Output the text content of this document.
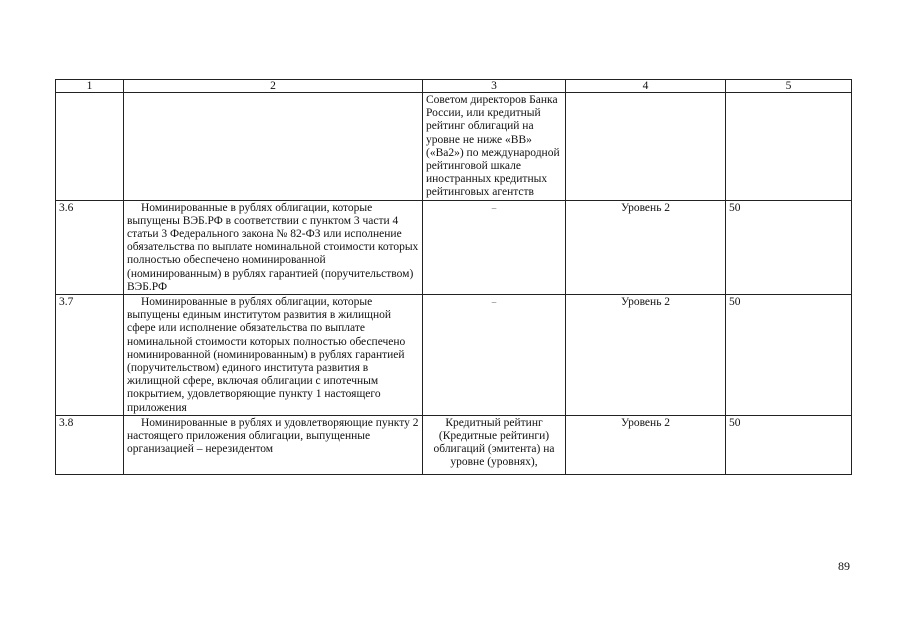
1	2	3	4	5
		Советом директоров Банка России, или кредитный рейтинг облигаций на уровне не ниже «ВВ» («Ва2») по международной рейтинговой шкале иностранных кредитных рейтинговых агентств		
3.6	Номинированные в рублях облигации, которые выпущены ВЭБ.РФ в соответствии с пунктом 3 части 4 статьи 3 Федерального закона № 82-ФЗ или исполнение обязательства по выплате номинальной стоимости которых полностью обеспечено номинированной (номинированным) в рублях гарантией (поручительством) ВЭБ.РФ	–	Уровень 2	50
3.7	Номинированные в рублях облигации, которые выпущены единым институтом развития в жилищной сфере или исполнение обязательства по выплате номинальной стоимости которых полностью обеспечено номинированной (номинированным) в рублях гарантией (поручительством) единого института развития в жилищной сфере, включая облигации с ипотечным покрытием, удовлетворяющие пункту 1 настоящего приложения	–	Уровень 2	50
3.8	Номинированные в рублях и удовлетворяющие пункту 2 настоящего приложения облигации, выпущенные организацией – нерезидентом	Кредитный рейтинг (Кредитные рейтинги) облигаций (эмитента) на уровне (уровнях),	Уровень 2	50
89
